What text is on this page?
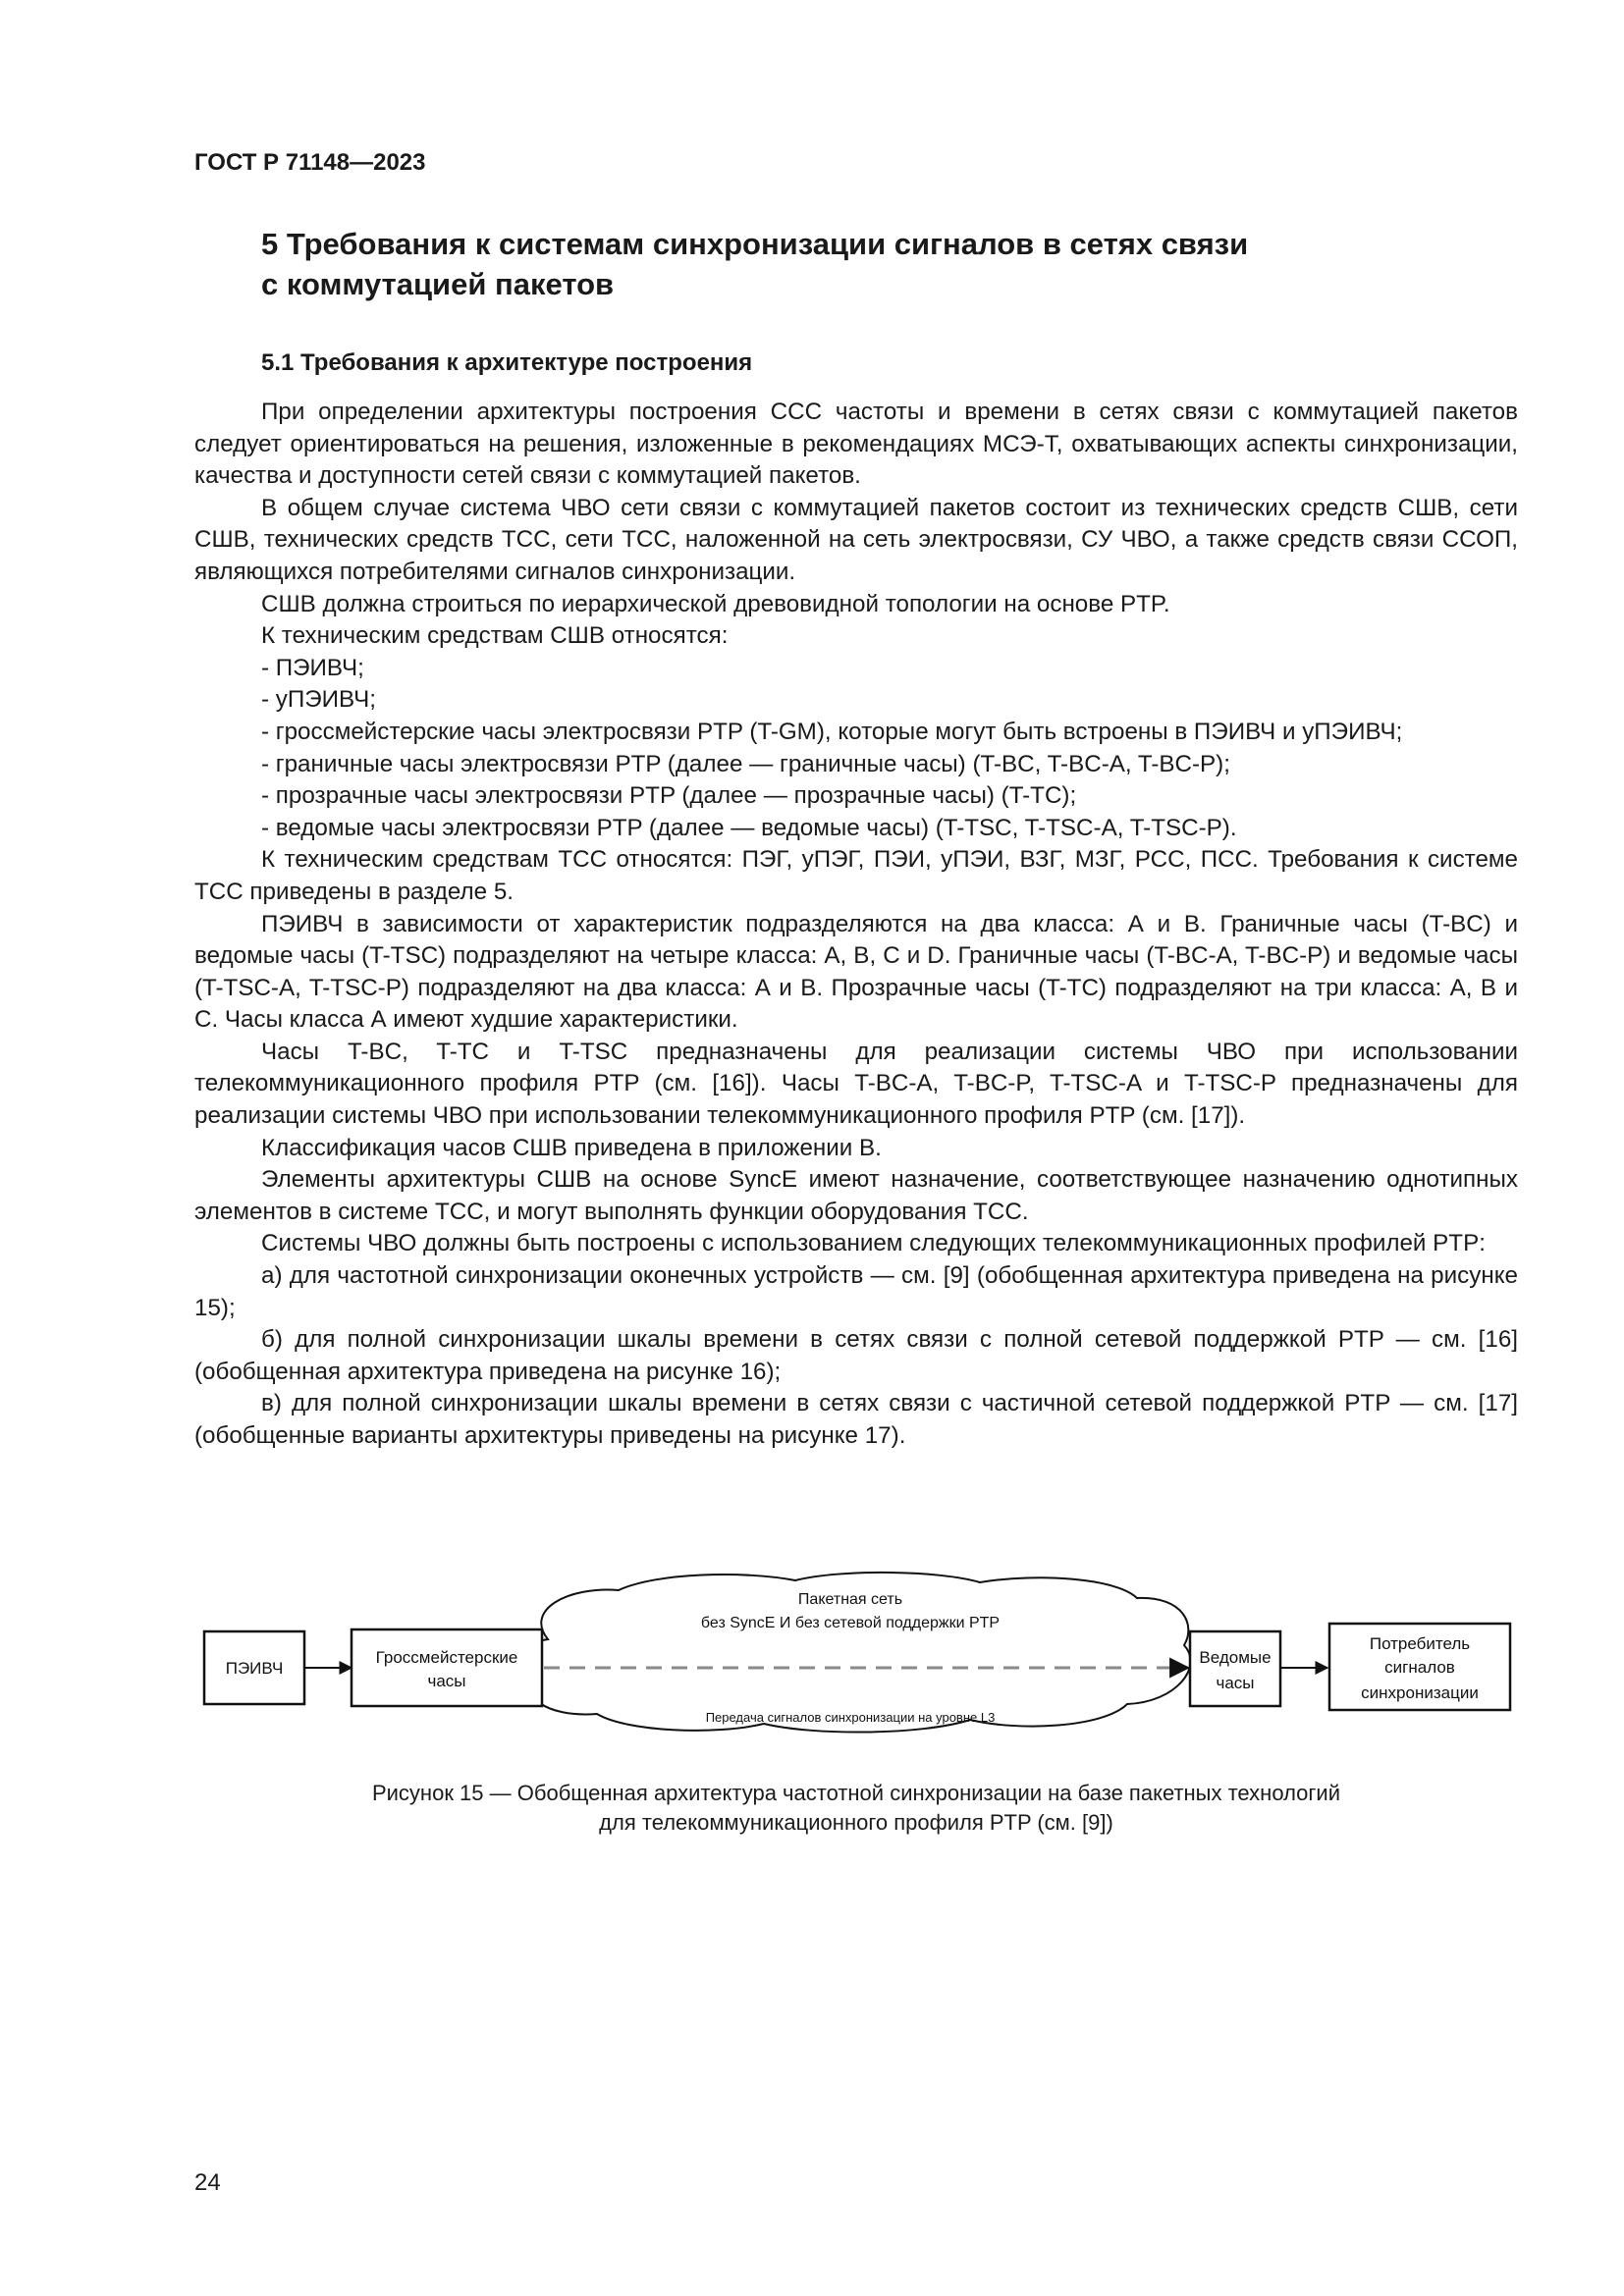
ГОСТ Р 71148—2023
5 Требования к системам синхронизации сигналов в сетях связи
с коммутацией пакетов
5.1 Требования к архитектуре построения

При определении архитектуры построения ССС частоты и времени в сетях связи с коммутацией пакетов следует ориентироваться на решения, изложенные в рекомендациях МСЭ-Т, охватывающих аспекты синхронизации, качества и доступности сетей связи с коммутацией пакетов.

В общем случае система ЧВО сети связи с коммутацией пакетов состоит из технических средств СШВ, сети СШВ, технических средств ТСС, сети ТСС, наложенной на сеть электросвязи, СУ ЧВО, а также средств связи ССОП, являющихся потребителями сигналов синхронизации.

СШВ должна строиться по иерархической древовидной топологии на основе PTP.

К техническим средствам СШВ относятся:

- ПЭИВЧ;

- уПЭИВЧ;

- гроссмейстерские часы электросвязи PTP (T-GM), которые могут быть встроены в ПЭИВЧ и уПЭИВЧ;

- граничные часы электросвязи PTP (далее — граничные часы) (T-BC, T-BC-A, T-BC-P);

- прозрачные часы электросвязи PTP (далее — прозрачные часы) (T-TC);

- ведомые часы электросвязи PTP (далее — ведомые часы) (T-TSC, T-TSC-A, T-TSC-P).

К техническим средствам ТСС относятся: ПЭГ, уПЭГ, ПЭИ, уПЭИ, ВЗГ, МЗГ, РСС, ПСС. Требования к системе ТСС приведены в разделе 5.

ПЭИВЧ в зависимости от характеристик подразделяются на два класса: А и В. Граничные часы (T-BC) и ведомые часы (T-TSC) подразделяют на четыре класса: А, В, С и D. Граничные часы (T-BC-A, T-BC-P) и ведомые часы (T-TSC-A, T-TSC-P) подразделяют на два класса: А и В. Прозрачные часы (T-TC) подразделяют на три класса: А, В и С. Часы класса А имеют худшие характеристики.

Часы T-BC, T-TC и T-TSC предназначены для реализации системы ЧВО при использовании телекоммуникационного профиля PTP (см. [16]). Часы T-BC-A, T-BC-P, T-TSC-A и T-TSC-P предназначены для реализации системы ЧВО при использовании телекоммуникационного профиля PTP (см. [17]).

Классификация часов СШВ приведена в приложении В.

Элементы архитектуры СШВ на основе SyncE имеют назначение, соответствующее назначению однотипных элементов в системе ТСС, и могут выполнять функции оборудования ТСС.

Системы ЧВО должны быть построены с использованием следующих телекоммуникационных профилей PTP:

а) для частотной синхронизации оконечных устройств — см. [9] (обобщенная архитектура приведена на рисунке 15);

б) для полной синхронизации шкалы времени в сетях связи с полной сетевой поддержкой PTP — см. [16] (обобщенная архитектура приведена на рисунке 16);

в) для полной синхронизации шкалы времени в сетях связи с частичной сетевой поддержкой PTP — см. [17] (обобщенные варианты архитектуры приведены на рисунке 17).

ПЭИВЧ
Гроссмейстерские
часы
Пакетная сеть
без SyncE И без сетевой поддержки PTP
Передача сигналов синхронизации на уровне L3
Ведомые
часы
Потребитель
сигналов
синхронизации
Рисунок 15 — Обобщенная архитектура частотной синхронизации на базе пакетных технологий
для телекоммуникационного профиля PTP (см. [9])
24
